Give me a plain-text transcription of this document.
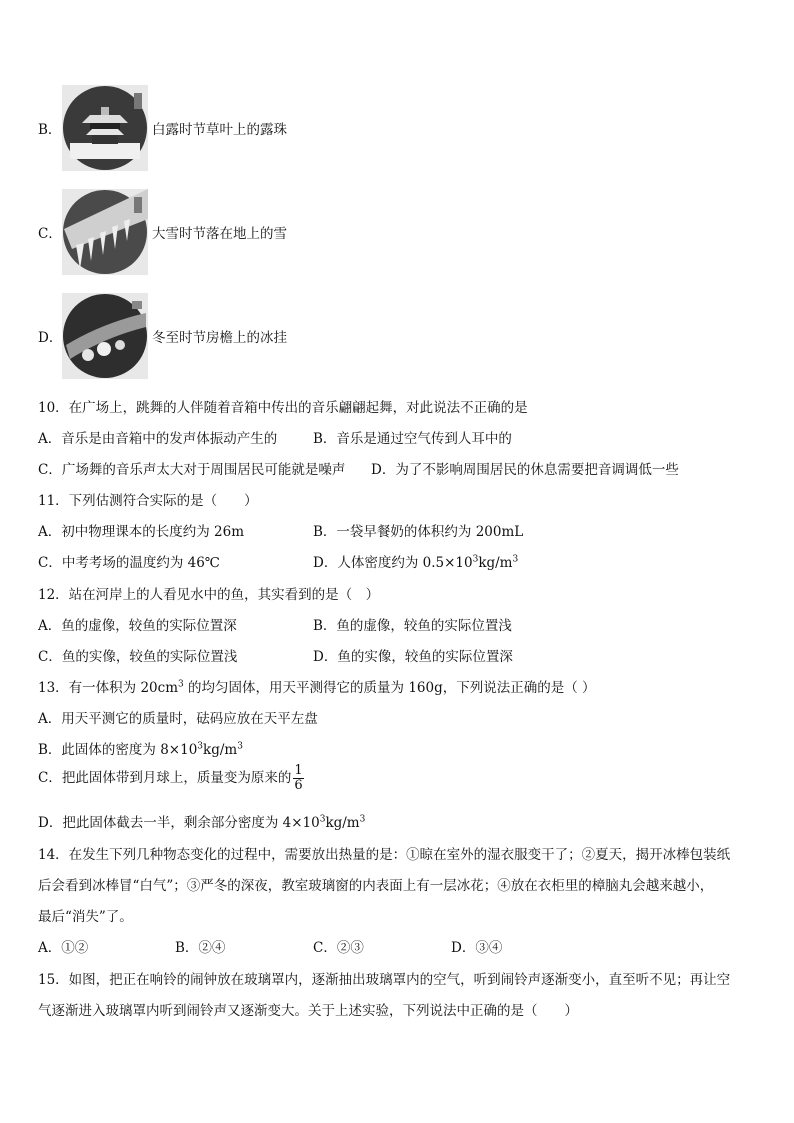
B．	白露时节草叶上的露珠
C．	大雪时节落在地上的雪
D．	冬至时节房檐上的冰挂
10．在广场上，跳舞的人伴随着音箱中传出的音乐翩翩起舞，对此说法不正确的是
A．音乐是由音箱中的发声体振动产生的	B．音乐是通过空气传到人耳中的
C．广场舞的音乐声太大对于周围居民可能就是噪声 D．为了不影响周围居民的休息需要把音调调低一些
11．下列估测符合实际的是（　　）
A．初中物理课本的长度约为 26m	B．一袋早餐奶的体积约为 200mL
C．中考考场的温度约为 46℃	D．人体密度约为 $0.5\times 10^3kg/m^3$
12．站在河岸上的人看见水中的鱼，其实看到的是（　）
A．鱼的虚像，较鱼的实际位置深	B．鱼的虚像，较鱼的实际位置浅
C．鱼的实像，较鱼的实际位置浅	D．鱼的实像，较鱼的实际位置深
13．有一体积为 $20cm^3$ 的均匀固体，用天平测得它的质量为 160g，下列说法正确的是（ ）
A．用天平测它的质量时，砝码应放在天平左盘
B．此固体的密度为 $8\times 10^3kg/m^3$
C．把此固体带到月球上，质量变为原来的 $\frac{1}{6}$
D．把此固体截去一半，剩余部分密度为 $4\times 10^3kg/m^3$
14．在发生下列几种物态变化的过程中，需要放出热量的是：①晾在室外的湿衣服变干了；②夏天，揭开冰棒包装纸
后会看到冰棒冒“白气”；③严冬的深夜，教室玻璃窗的内表面上有一层冰花；④放在衣柜里的樟脑丸会越来越小，
最后“消失”了。
A．①②	B．②④	C．②③	D．③④
15．如图，把正在响铃的闹钟放在玻璃罩内，逐渐抽出玻璃罩内的空气，听到闹铃声逐渐变小，直至听不见；再让空
气逐渐进入玻璃罩内听到闹铃声又逐渐变大。关于上述实验，下列说法中正确的是（　　）
